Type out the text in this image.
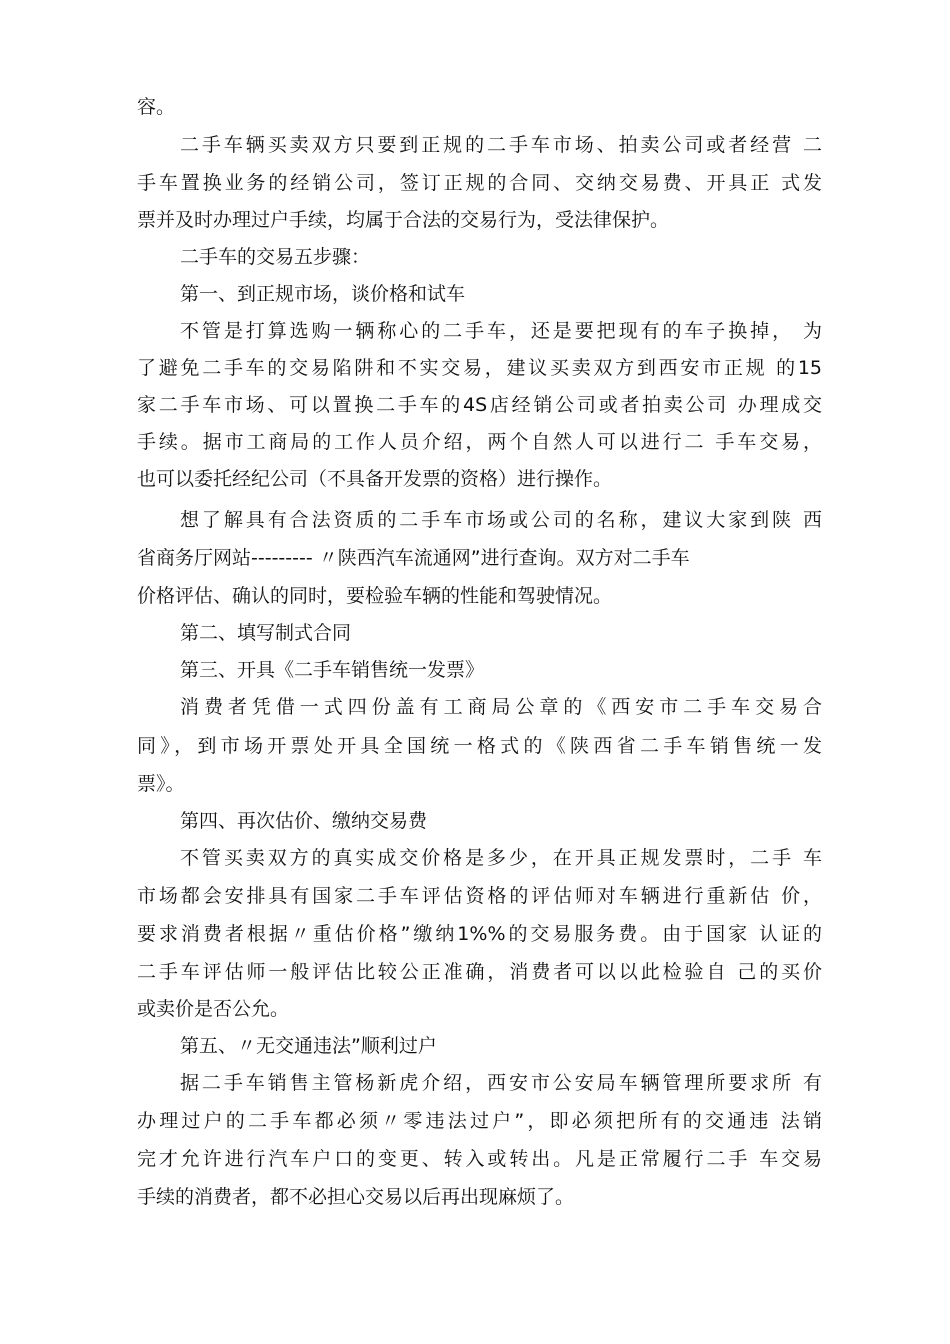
容。
二手车辆买卖双方只要到正规的二手车市场、拍卖公司或者经营 二
手车置换业务的经销公司，签订正规的合同、交纳交易费、开具正 式发
票并及时办理过户手续，均属于合法的交易行为，受法律保护。
二手车的交易五步骤：
第一、到正规市场，谈价格和试车
不管是打算选购一辆称心的二手车，还是要把现有的车子换掉， 为
了避免二手车的交易陷阱和不实交易，建议买卖双方到西安市正规 的15
家二手车市场、可以置换二手车的4S店经销公司或者拍卖公司 办理成交
手续。据市工商局的工作人员介绍，两个自然人可以进行二 手车交易，
也可以委托经纪公司（不具备开发票的资格）进行操作。
想了解具有合法资质的二手车市场或公司的名称，建议大家到陕 西
省商务厅网站--------- 〃陕西汽车流通网”进行查询。双方对二手车
价格评估、确认的同时，要检验车辆的性能和驾驶情况。
第二、填写制式合同
第三、开具《二手车销售统一发票》
消费者凭借一式四份盖有工商局公章的《西安市二手车交易合
同》，到市场开票处开具全国统一格式的《陕西省二手车销售统一发
票》。
第四、再次估价、缴纳交易费
不管买卖双方的真实成交价格是多少，在开具正规发票时，二手 车
市场都会安排具有国家二手车评估资格的评估师对车辆进行重新估 价，
要求消费者根据〃重估价格”缴纳1%%的交易服务费。由于国家 认证的
二手车评估师一般评估比较公正准确，消费者可以以此检验自 己的买价
或卖价是否公允。
第五、〃无交通违法”顺利过户
据二手车销售主管杨新虎介绍，西安市公安局车辆管理所要求所 有
办理过户的二手车都必须〃零违法过户”，即必须把所有的交通违 法销
完才允许进行汽车户口的变更、转入或转出。凡是正常履行二手 车交易
手续的消费者，都不必担心交易以后再出现麻烦了。
